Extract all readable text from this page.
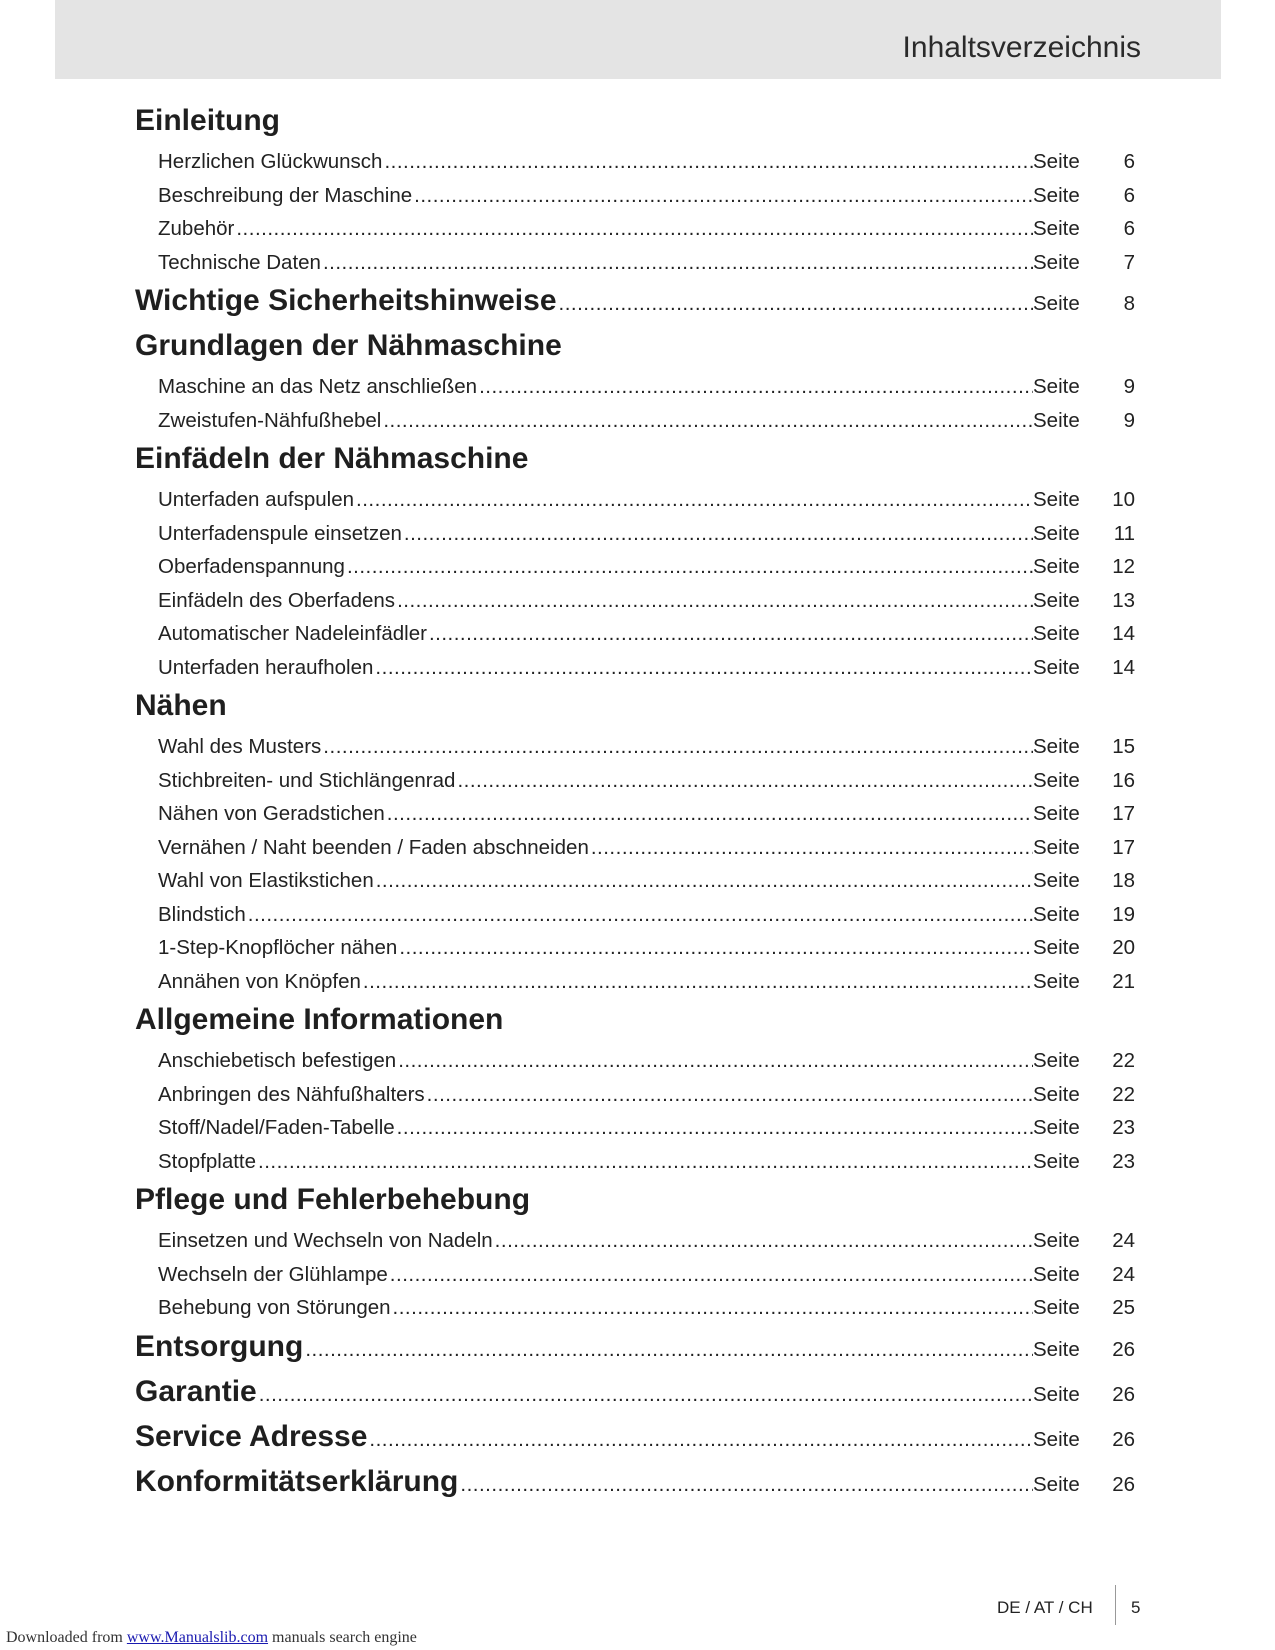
Inhaltsverzeichnis
Einleitung
Herzlichen Glückwunsch .....	Seite	6
Beschreibung der Maschine .....	Seite	6
Zubehör .....	Seite	6
Technische Daten .....	Seite	7
Wichtige Sicherheitshinweise .....	Seite	8
Grundlagen der Nähmaschine
Maschine an das Netz anschließen .....	Seite	9
Zweistufen-Nähfußhebel .....	Seite	9
Einfädeln der Nähmaschine
Unterfaden aufspulen .....	Seite	10
Unterfadenspule einsetzen .....	Seite	11
Oberfadenspannung .....	Seite	12
Einfädeln des Oberfadens .....	Seite	13
Automatischer Nadeleinfädler .....	Seite	14
Unterfaden heraufholen .....	Seite	14
Nähen
Wahl des Musters .....	Seite	15
Stichbreiten- und Stichlängenrad .....	Seite	16
Nähen von Geradstichen .....	Seite	17
Vernähen / Naht beenden / Faden abschneiden .....	Seite	17
Wahl von Elastikstichen .....	Seite	18
Blindstich .....	Seite	19
1-Step-Knopflöcher nähen .....	Seite	20
Annähen von Knöpfen .....	Seite	21
Allgemeine Informationen
Anschiebetisch befestigen .....	Seite	22
Anbringen des Nähfußhalters .....	Seite	22
Stoff/Nadel/Faden-Tabelle .....	Seite	23
Stopfplatte .....	Seite	23
Pflege und Fehlerbehebung
Einsetzen und Wechseln von Nadeln .....	Seite	24
Wechseln der Glühlampe .....	Seite	24
Behebung von Störungen .....	Seite	25
Entsorgung .....	Seite	26
Garantie .....	Seite	26
Service Adresse .....	Seite	26
Konformitätserklärung .....	Seite	26
DE / AT / CH 5
Downloaded from www.Manualslib.com manuals search engine
